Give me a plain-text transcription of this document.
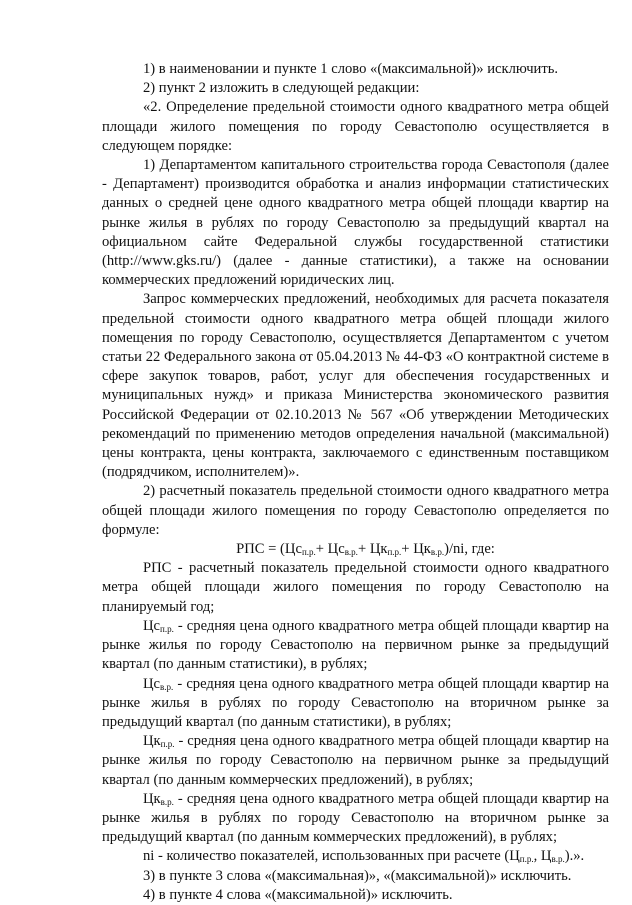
1) в наименовании и пункте 1 слово «(максимальной)» исключить.

2) пункт 2 изложить в следующей редакции:

«2. Определение предельной стоимости одного квадратного метра общей площади жилого помещения по городу Севастополю осуществляется в следующем порядке:

1) Департаментом капитального строительства города Севастополя (далее - Департамент) производится обработка и анализ информации статистических данных о средней цене одного квадратного метра общей площади квартир на рынке жилья в рублях по городу Севастополю за предыдущий квартал на официальном сайте Федеральной службы государственной статистики (http://www.gks.ru/) (далее - данные статистики), а также на основании коммерческих предложений юридических лиц.

Запрос коммерческих предложений, необходимых для расчета показателя предельной стоимости одного квадратного метра общей площади жилого помещения по городу Севастополю, осуществляется Департаментом с учетом статьи 22 Федерального закона от 05.04.2013 № 44-ФЗ «О контрактной системе в сфере закупок товаров, работ, услуг для обеспечения государственных и муниципальных нужд» и приказа Министерства экономического развития Российской Федерации от 02.10.2013 № 567 «Об утверждении Методических рекомендаций по применению методов определения начальной (максимальной) цены контракта, цены контракта, заключаемого с единственным поставщиком (подрядчиком, исполнителем)».

2) расчетный показатель предельной стоимости одного квадратного метра общей площади жилого помещения по городу Севастополю определяется по формуле:

РПС = $(Цс_{п.р.}+ Цс_{в.р.}+ Цк_{п.р.}+ Цк_{в.р.})/ni$, где:

РПС - расчетный показатель предельной стоимости одного квадратного метра общей площади жилого помещения по городу Севастополю на планируемый год;

$Цс_{п.р.}$ - средняя цена одного квадратного метра общей площади квартир на рынке жилья по городу Севастополю на первичном рынке за предыдущий квартал (по данным статистики), в рублях;

$Цс_{в.р.}$ - средняя цена одного квадратного метра общей площади квартир на рынке жилья в рублях по городу Севастополю на вторичном рынке за предыдущий квартал (по данным статистики), в рублях;

$Цк_{п.р.}$ - средняя цена одного квадратного метра общей площади квартир на рынке жилья по городу Севастополю на первичном рынке за предыдущий квартал (по данным коммерческих предложений), в рублях;

$Цк_{в.р.}$ - средняя цена одного квадратного метра общей площади квартир на рынке жилья в рублях по городу Севастополю на вторичном рынке за предыдущий квартал (по данным коммерческих предложений), в рублях;

ni - количество показателей, использованных при расчете ($Ц_{п.р.}$, $Ц_{в.р.}$).».

3) в пункте 3 слова «(максимальная)», «(максимальной)» исключить.

4) в пункте 4 слова «(максимальной)» исключить.
